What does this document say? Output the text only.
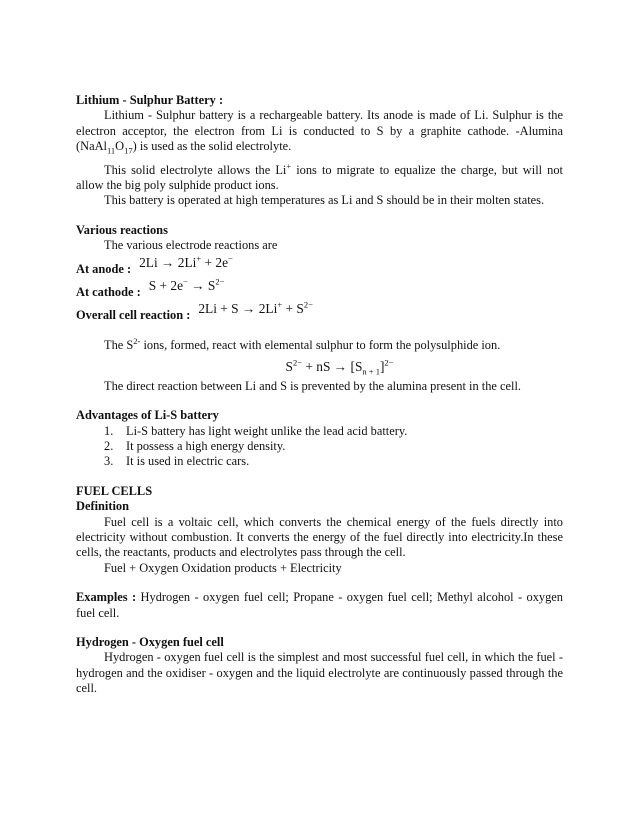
Lithium - Sulphur Battery :

Lithium - Sulphur battery is a rechargeable battery. Its anode is made of Li. Sulphur is the electron acceptor, the electron from Li is conducted to S by a graphite cathode. -Alumina $(NaAl_{11}O_{17})$ is used as the solid electrolyte.

This solid electrolyte allows the Li+ ions to migrate to equalize the charge, but will not allow the big poly sulphide product ions.

This battery is operated at high temperatures as Li and S should be in their molten states.

Various reactions

The various electrode reactions are

At anode : 2Li → 2Li+ + 2e−
At cathode : $S + 2e^- \to S^{2-}$
Overall cell reaction : $2Li + S \to 2Li^+ + S^{2-}$

The $S^{2-}$ ions, formed, react with elemental sulphur to form the polysulphide ion.

$S^{2-}$ + nS → $[S_{n + 1}]^{2-}$

The direct reaction between Li and S is prevented by the alumina present in the cell.

Advantages of Li-S battery
1. Li-S battery has light weight unlike the lead acid battery.
2. It possess a high energy density.
3. It is used in electric cars.
FUEL CELLS
Definition

Fuel cell is a voltaic cell, which converts the chemical energy of the fuels directly into electricity without combustion. It converts the energy of the fuel directly into electricity.In these cells, the reactants, products and electrolytes pass through the cell.

Fuel + Oxygen Oxidation products + Electricity

Examples : Hydrogen - oxygen fuel cell; Propane - oxygen fuel cell; Methyl alcohol - oxygen fuel cell.

Hydrogen - Oxygen fuel cell

Hydrogen - oxygen fuel cell is the simplest and most successful fuel cell, in which the fuel - hydrogen and the oxidiser - oxygen and the liquid electrolyte are continuously passed through the cell.
